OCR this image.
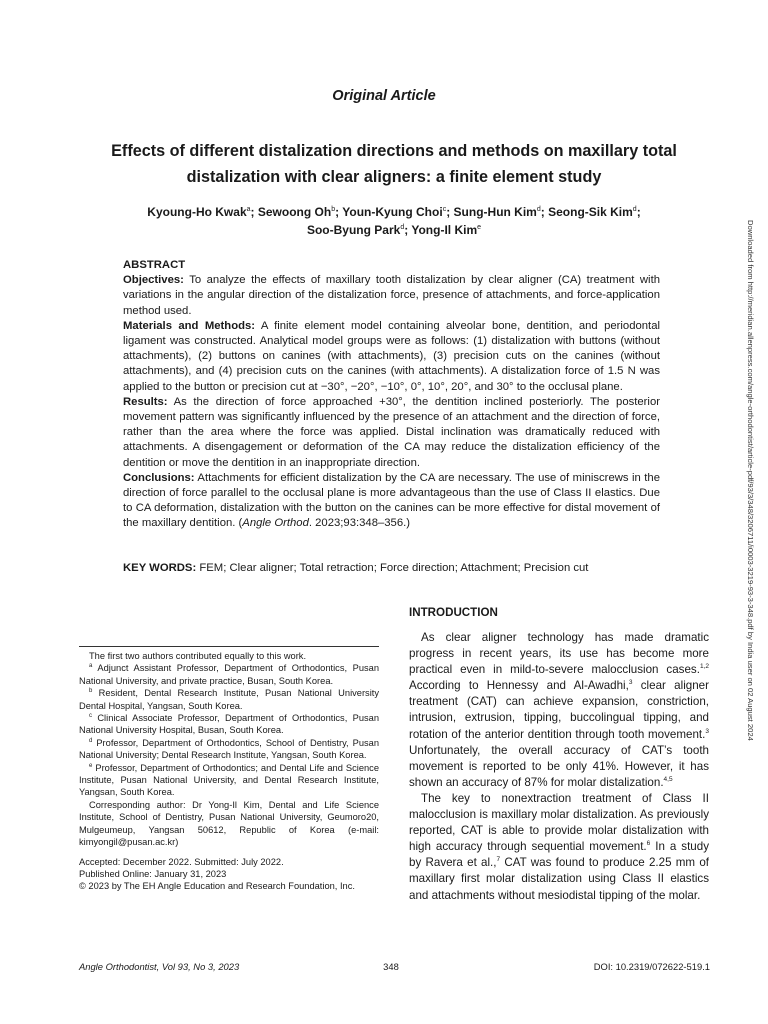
Original Article
Effects of different distalization directions and methods on maxillary total distalization with clear aligners: a finite element study
Kyoung-Ho Kwak$^a$; Sewoong Oh$^b$; Youn-Kyung Choi$^c$; Sung-Hun Kim$^d$; Seong-Sik Kim$^d$;
Soo-Byung Park$^d$; Yong-Il Kim$^e$
ABSTRACT

Objectives: To analyze the effects of maxillary tooth distalization by clear aligner (CA) treatment with variations in the angular direction of the distalization force, presence of attachments, and force-application method used.

Materials and Methods: A finite element model containing alveolar bone, dentition, and periodontal ligament was constructed. Analytical model groups were as follows: (1) distalization with buttons (without attachments), (2) buttons on canines (with attachments), (3) precision cuts on the canines (without attachments), and (4) precision cuts on the canines (with attachments). A distalization force of 1.5 N was applied to the button or precision cut at −30°, −20°, −10°, 0°, 10°, 20°, and 30° to the occlusal plane.

Results: As the direction of force approached +30°, the dentition inclined posteriorly. The posterior movement pattern was significantly influenced by the presence of an attachment and the direction of force, rather than the area where the force was applied. Distal inclination was dramatically reduced with attachments. A disengagement or deformation of the CA may reduce the distalization efficiency of the dentition or move the dentition in an inappropriate direction.

Conclusions: Attachments for efficient distalization by the CA are necessary. The use of miniscrews in the direction of force parallel to the occlusal plane is more advantageous than the use of Class II elastics. Due to CA deformation, distalization with the button on the canines can be more effective for distal movement of the maxillary dentition. (Angle Orthod. 2023;93:348–356.)

KEY WORDS: FEM; Clear aligner; Total retraction; Force direction; Attachment; Precision cut

The first two authors contributed equally to this work.

$^a$ Adjunct Assistant Professor, Department of Orthodontics, Pusan National University, and private practice, Busan, South Korea.

$^b$ Resident, Dental Research Institute, Pusan National University Dental Hospital, Yangsan, South Korea.

$^c$ Clinical Associate Professor, Department of Orthodontics, Pusan National University Hospital, Busan, South Korea.

$^d$ Professor, Department of Orthodontics, School of Dentistry, Pusan National University; Dental Research Institute, Yangsan, South Korea.

$^e$ Professor, Department of Orthodontics; and Dental Life and Science Institute, Pusan National University, and Dental Research Institute, Yangsan, South Korea.

Corresponding author: Dr Yong-Il Kim, Dental and Life Science Institute, School of Dentistry, Pusan National University, Geumoro20, Mulgeumeup, Yangsan 50612, Republic of Korea (e-mail: kimyongil@pusan.ac.kr)

Accepted: December 2022. Submitted: July 2022.

Published Online: January 31, 2023

© 2023 by The EH Angle Education and Research Foundation, Inc.

INTRODUCTION

As clear aligner technology has made dramatic progress in recent years, its use has become more practical even in mild-to-severe malocclusion cases.$^{1,2}$ According to Hennessy and Al-Awadhi,$^3$ clear aligner treatment (CAT) can achieve expansion, constriction, intrusion, extrusion, tipping, buccolingual tipping, and rotation of the anterior dentition through tooth movement.$^3$ Unfortunately, the overall accuracy of CAT’s tooth movement is reported to be only 41%. However, it has shown an accuracy of 87% for molar distalization.$^{4,5}$

The key to nonextraction treatment of Class II malocclusion is maxillary molar distalization. As previously reported, CAT is able to provide molar distalization with high accuracy through sequential movement.$^6$ In a study by Ravera et al.,$^7$ CAT was found to produce 2.25 mm of maxillary first molar distalization using Class II elastics and attachments without mesiodistal tipping of the molar.

Angle Orthodontist, Vol 93, No 3, 2023	348	DOI: 10.2319/072622-519.1
Downloaded from http://meridian.allenpress.com/angle-orthodontist/article-pdf/93/3/348/3206711/i0003-3219-93-3-348.pdf by India user on 02 August 2024
